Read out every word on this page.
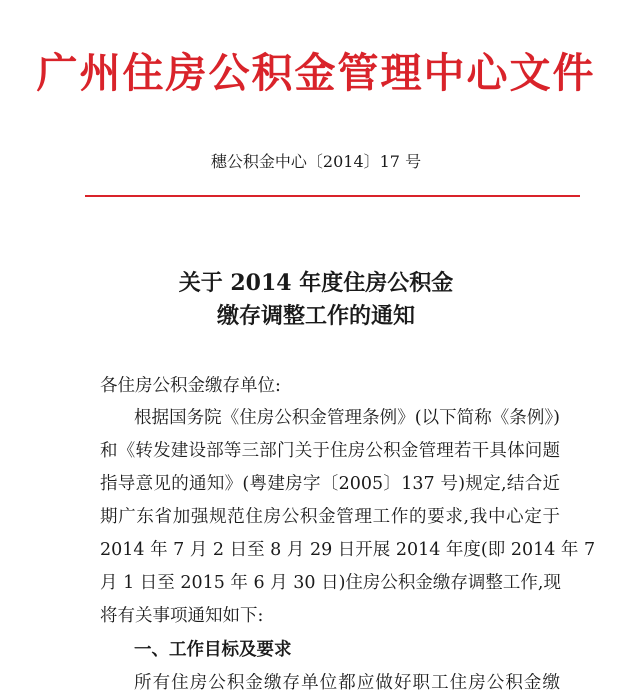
广州住房公积金管理中心文件
穗公积金中心〔2014〕17 号
关于 2014 年度住房公积金
缴存调整工作的通知
各住房公积金缴存单位:
根据国务院《住房公积金管理条例》(以下简称《条例》)
和《转发建设部等三部门关于住房公积金管理若干具体问题
指导意见的通知》(粤建房字〔2005〕137 号)规定,结合近
期广东省加强规范住房公积金管理工作的要求,我中心定于
2014 年 7 月 2 日至 8 月 29 日开展 2014 年度(即 2014 年 7
月 1 日至 2015 年 6 月 30 日)住房公积金缴存调整工作,现
将有关事项通知如下:
一、工作目标及要求
所有住房公积金缴存单位都应做好职工住房公积金缴
